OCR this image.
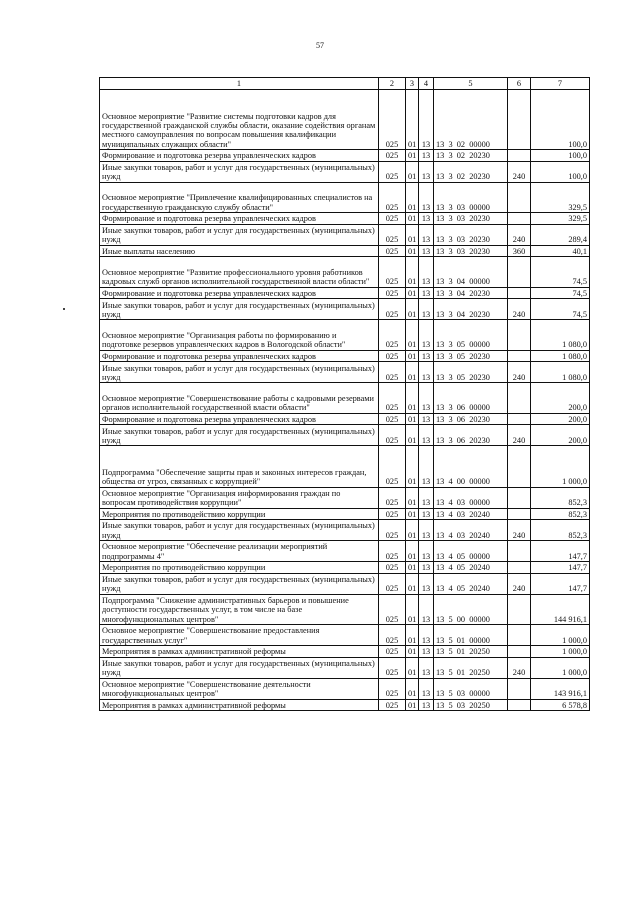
57
1	2	3	4	5	6	7
Основное мероприятие "Развитие системы подготовки кадров для государственной гражданской службы области, оказание содействия органам местного самоуправления по вопросам повышения квалификации муниципальных служащих области"	025	01	13	13  3  02  00000		100,0
Формирование и подготовка резерва управленческих кадров	025	01	13	13  3  02  20230		100,0
Иные закупки товаров, работ и услуг для государственных (муниципальных) нужд	025	01	13	13  3  02  20230	240	100,0
Основное мероприятие "Привлечение квалифицированных специалистов на государственную гражданскую службу области"	025	01	13	13  3  03  00000		329,5
Формирование и подготовка резерва управленческих кадров	025	01	13	13  3  03  20230		329,5
Иные закупки товаров, работ и услуг для государственных (муниципальных) нужд	025	01	13	13  3  03  20230	240	289,4
Иные выплаты населению	025	01	13	13  3  03  20230	360	40,1
Основное мероприятие "Развитие профессионального уровня работников кадровых служб органов исполнительной государственной власти области"	025	01	13	13  3  04  00000		74,5
Формирование и подготовка резерва управленческих кадров	025	01	13	13  3  04  20230		74,5
Иные закупки товаров, работ и услуг для государственных (муниципальных) нужд	025	01	13	13  3  04  20230	240	74,5
Основное мероприятие "Организация работы по формированию и подготовке резервов управленческих кадров в Вологодской области"	025	01	13	13  3  05  00000		1 080,0
Формирование и подготовка резерва управленческих кадров	025	01	13	13  3  05  20230		1 080,0
Иные закупки товаров, работ и услуг для государственных (муниципальных) нужд	025	01	13	13  3  05  20230	240	1 080,0
Основное мероприятие "Совершенствование работы с кадровыми резервами органов исполнительной государственной власти области"	025	01	13	13  3  06  00000		200,0
Формирование и подготовка резерва управленческих кадров	025	01	13	13  3  06  20230		200,0
Иные закупки товаров, работ и услуг для государственных (муниципальных) нужд	025	01	13	13  3  06  20230	240	200,0
Подпрограмма "Обеспечение защиты прав и законных интересов граждан, общества от угроз, связанных с коррупцией"	025	01	13	13  4  00  00000		1 000,0
Основное мероприятие "Организация информирования граждан по вопросам противодействия коррупции"	025	01	13	13  4  03  00000		852,3
Мероприятия по противодействию коррупции	025	01	13	13  4  03  20240		852,3
Иные закупки товаров, работ и услуг для государственных (муниципальных) нужд	025	01	13	13  4  03  20240	240	852,3
Основное мероприятие "Обеспечение реализации мероприятий подпрограммы 4"	025	01	13	13  4  05  00000		147,7
Мероприятия по противодействию коррупции	025	01	13	13  4  05  20240		147,7
Иные закупки товаров, работ и услуг для государственных (муниципальных) нужд	025	01	13	13  4  05  20240	240	147,7
Подпрограмма "Снижение административных барьеров и повышение доступности государственных услуг, в том числе на базе многофункциональных центров"	025	01	13	13  5  00  00000		144 916,1
Основное мероприятие "Совершенствование предоставления государственных услуг"	025	01	13	13  5  01  00000		1 000,0
Мероприятия в рамках административной реформы	025	01	13	13  5  01  20250		1 000,0
Иные закупки товаров, работ и услуг для государственных (муниципальных) нужд	025	01	13	13  5  01  20250	240	1 000,0
Основное мероприятие "Совершенствование деятельности многофункциональных центров"	025	01	13	13  5  03  00000		143 916,1
Мероприятия в рамках административной реформы	025	01	13	13  5  03  20250		6 578,8
